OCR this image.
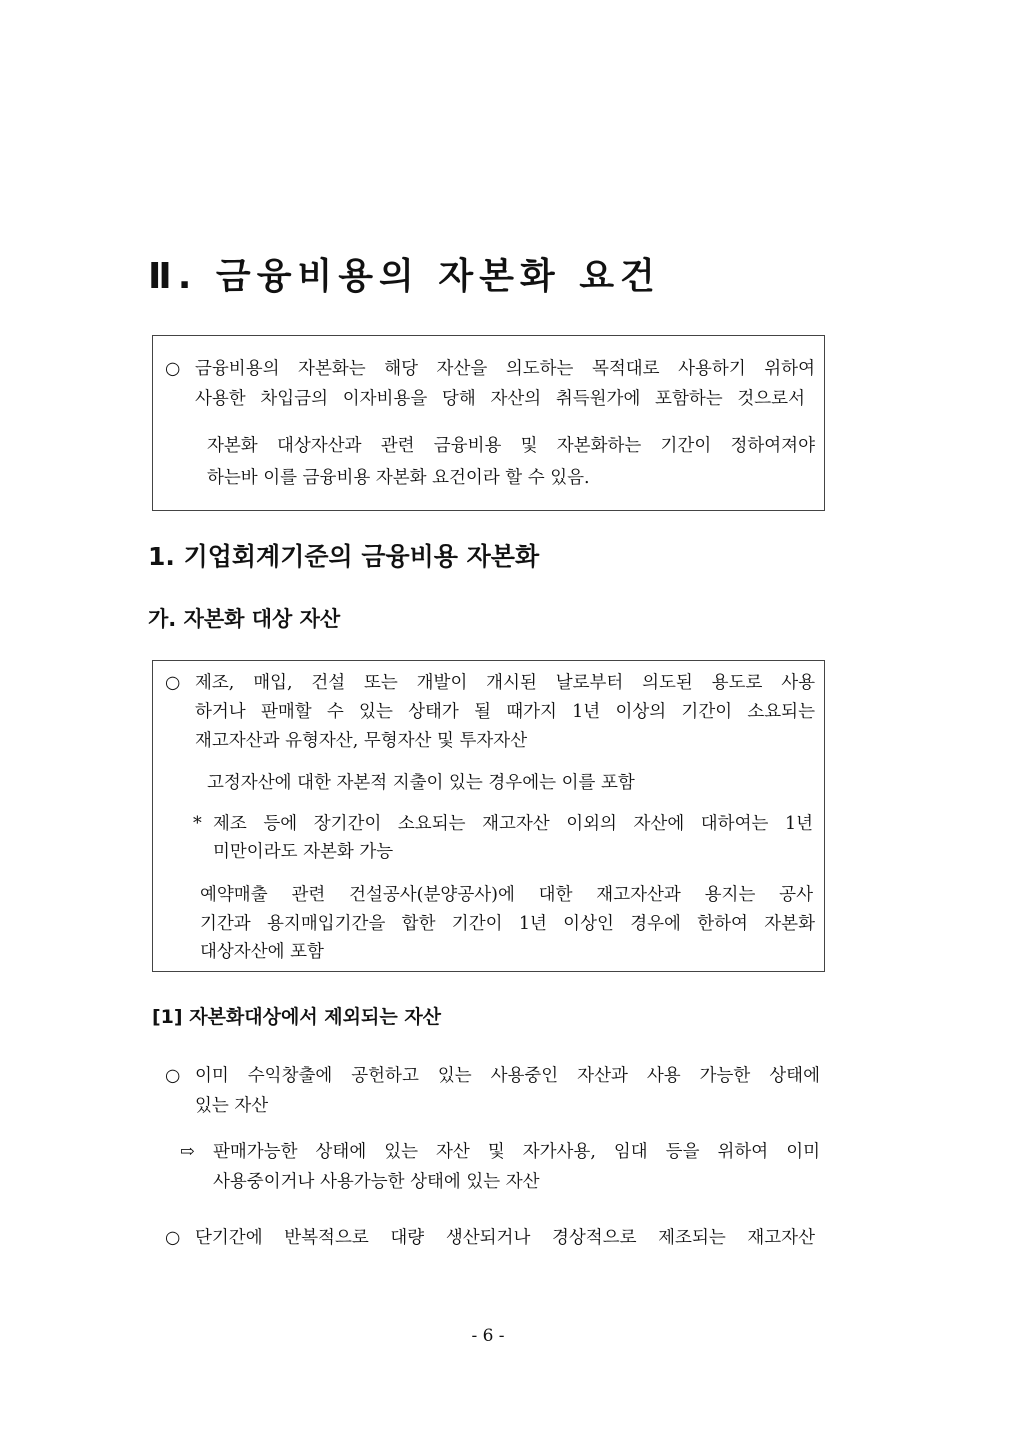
Ⅱ. 금융비용의 자본화 요건
○ 금융비용의 자본화는 해당 자산을 의도하는 목적대로 사용하기 위하여
사용한 차입금의 이자비용을 당해 자산의 취득원가에 포함하는 것으로서
자본화 대상자산과 관련 금융비용 및 자본화하는 기간이 정하여져야
하는바 이를 금융비용 자본화 요건이라 할 수 있음.
1. 기업회계기준의 금융비용 자본화
가. 자본화 대상 자산
○ 제조, 매입, 건설 또는 개발이 개시된 날로부터 의도된 용도로 사용
하거나 판매할 수 있는 상태가 될 때가지 1년 이상의 기간이 소요되는
재고자산과 유형자산, 무형자산 및 투자자산
고정자산에 대한 자본적 지출이 있는 경우에는 이를 포함
* 제조 등에 장기간이 소요되는 재고자산 이외의 자산에 대하여는 1년
미만이라도 자본화 가능
예약매출 관련 건설공사(분양공사)에 대한 재고자산과 용지는 공사
기간과 용지매입기간을 합한 기간이 1년 이상인 경우에 한하여 자본화
대상자산에 포함
[1] 자본화대상에서 제외되는 자산
○ 이미 수익창출에 공헌하고 있는 사용중인 자산과 사용 가능한 상태에
있는 자산
⇨ 판매가능한 상태에 있는 자산 및 자가사용, 임대 등을 위하여 이미
사용중이거나 사용가능한 상태에 있는 자산
○ 단기간에 반복적으로 대량 생산되거나 경상적으로 제조되는 재고자산
- 6 -
